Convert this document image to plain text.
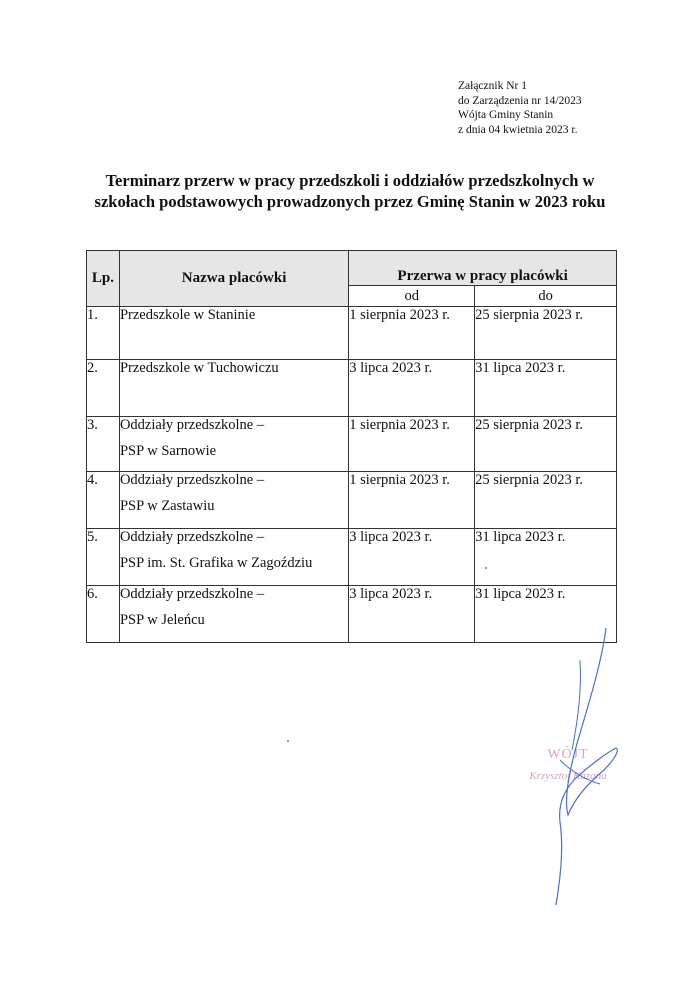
Załącznik Nr 1
do Zarządzenia nr 14/2023
Wójta Gminy Stanin
z dnia 04 kwietnia 2023 r.
Terminarz przerw w pracy przedszkoli i oddziałów przedszkolnych w
szkołach podstawowych prowadzonych przez Gminę Stanin w 2023 roku
Lp.	Nazwa placówki	Przerwa w pracy placówki	
		od	do
1.	Przedszkole w Staninie	1 sierpnia 2023 r.	25 sierpnia 2023 r.
2.	Przedszkole w Tuchowiczu	3 lipca 2023 r.	31 lipca 2023 r.
3.	Oddziały przedszkolne –
PSP w Sarnowie	1 sierpnia 2023 r.	25 sierpnia 2023 r.
4.	Oddziały przedszkolne –
PSP w Zastawiu	1 sierpnia 2023 r.	25 sierpnia 2023 r.
5.	Oddziały przedszkolne –
PSP im. St. Grafika w Zagoździu	3 lipca 2023 r.	31 lipca 2023 r.
6.	Oddziały przedszkolne –
PSP w Jeleńcu	3 lipca 2023 r.	31 lipca 2023 r.
WÓJT
Krzysztof Kazana
